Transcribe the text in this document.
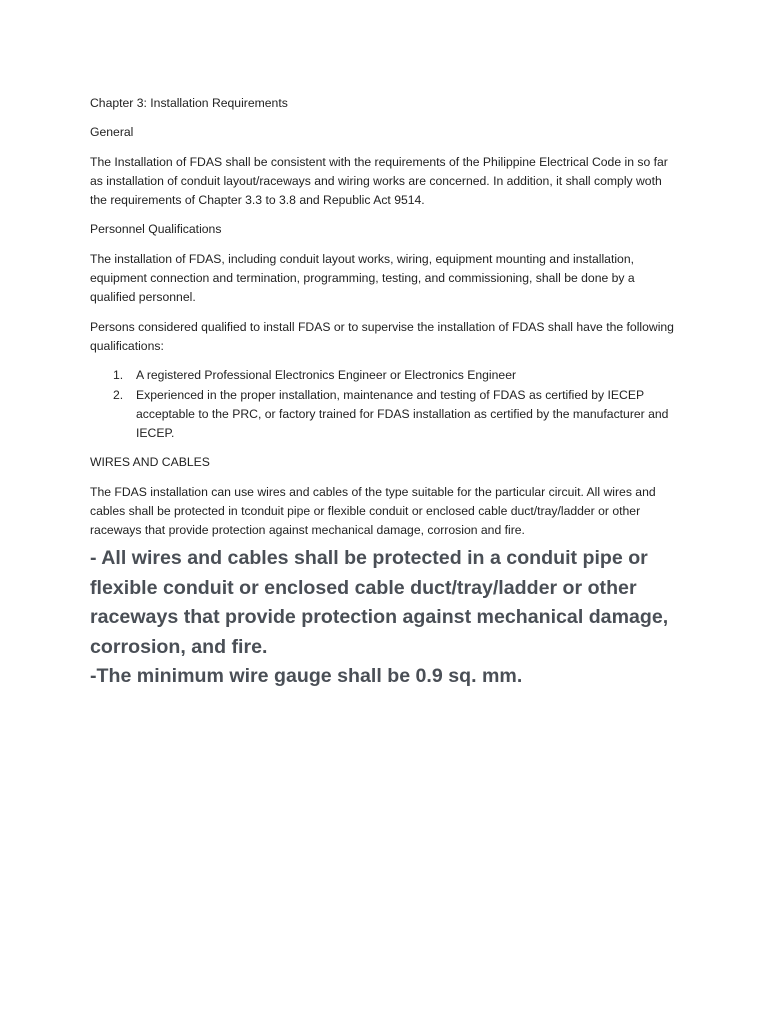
Chapter 3: Installation Requirements

General

The Installation of FDAS shall be consistent with the requirements of the Philippine Electrical Code in so far as installation of conduit layout/raceways and wiring works are concerned. In addition, it shall comply woth the requirements of Chapter 3.3 to 3.8 and Republic Act 9514.

Personnel Qualifications

The installation of FDAS, including conduit layout works, wiring, equipment mounting and installation, equipment connection and termination, programming, testing, and commissioning, shall be done by a qualified personnel.

Persons considered qualified to install FDAS or to supervise the installation of FDAS shall have the following qualifications:

1. A registered Professional Electronics Engineer or Electronics Engineer
2. Experienced in the proper installation, maintenance and testing of FDAS as certified by IECEP acceptable to the PRC, or factory trained for FDAS installation as certified by the manufacturer and IECEP.

WIRES AND CABLES

The FDAS installation can use wires and cables of the type suitable for the particular circuit. All wires and cables shall be protected in tconduit pipe or flexible conduit or enclosed cable duct/tray/ladder or other raceways that provide protection against mechanical damage, corrosion and fire.

- All wires and cables shall be protected in a conduit pipe or flexible conduit or enclosed cable duct/tray/ladder or other raceways that provide protection against mechanical damage, corrosion, and fire.

-The minimum wire gauge shall be 0.9 sq. mm.
